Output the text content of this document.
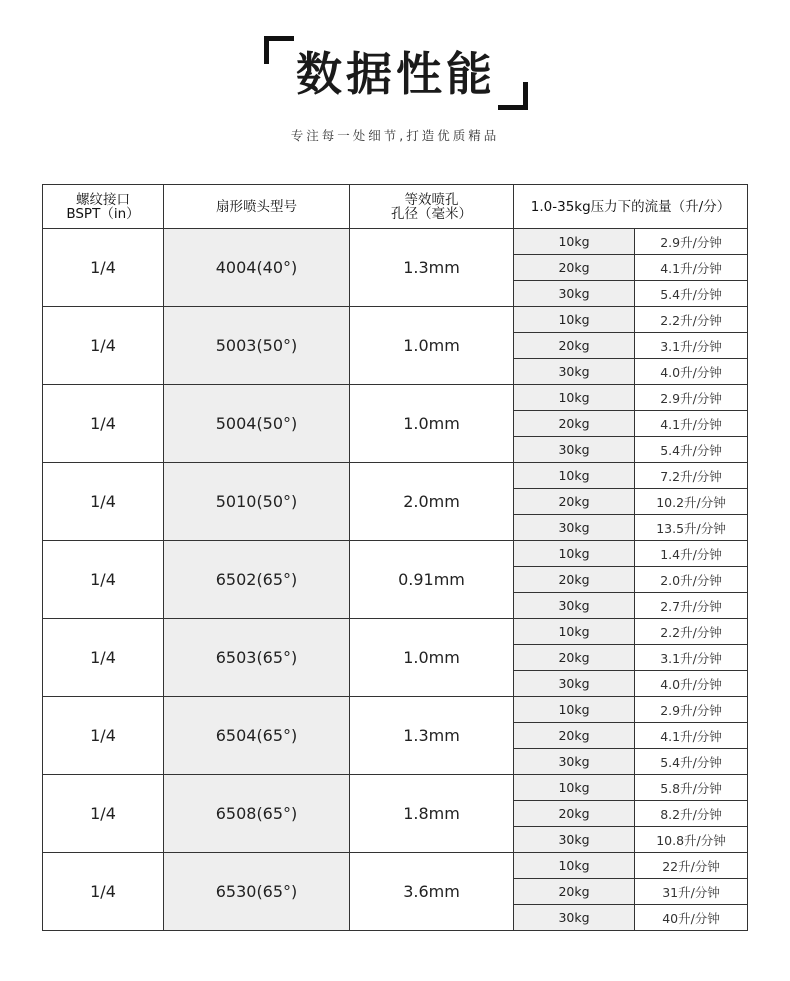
数据性能
专注每一处细节,打造优质精品
螺纹接口
BSPT（in）	扇形喷头型号	等效喷孔
孔径（毫米）	1.0-35kg压力下的流量（升/分）	
1/4	4004(40°)	1.3mm	10kg	2.9升/分钟
			20kg	4.1升/分钟
			30kg	5.4升/分钟
1/4	5003(50°)	1.0mm	10kg	2.2升/分钟
			20kg	3.1升/分钟
			30kg	4.0升/分钟
1/4	5004(50°)	1.0mm	10kg	2.9升/分钟
			20kg	4.1升/分钟
			30kg	5.4升/分钟
1/4	5010(50°)	2.0mm	10kg	7.2升/分钟
			20kg	10.2升/分钟
			30kg	13.5升/分钟
1/4	6502(65°)	0.91mm	10kg	1.4升/分钟
			20kg	2.0升/分钟
			30kg	2.7升/分钟
1/4	6503(65°)	1.0mm	10kg	2.2升/分钟
			20kg	3.1升/分钟
			30kg	4.0升/分钟
1/4	6504(65°)	1.3mm	10kg	2.9升/分钟
			20kg	4.1升/分钟
			30kg	5.4升/分钟
1/4	6508(65°)	1.8mm	10kg	5.8升/分钟
			20kg	8.2升/分钟
			30kg	10.8升/分钟
1/4	6530(65°)	3.6mm	10kg	22升/分钟
			20kg	31升/分钟
			30kg	40升/分钟
